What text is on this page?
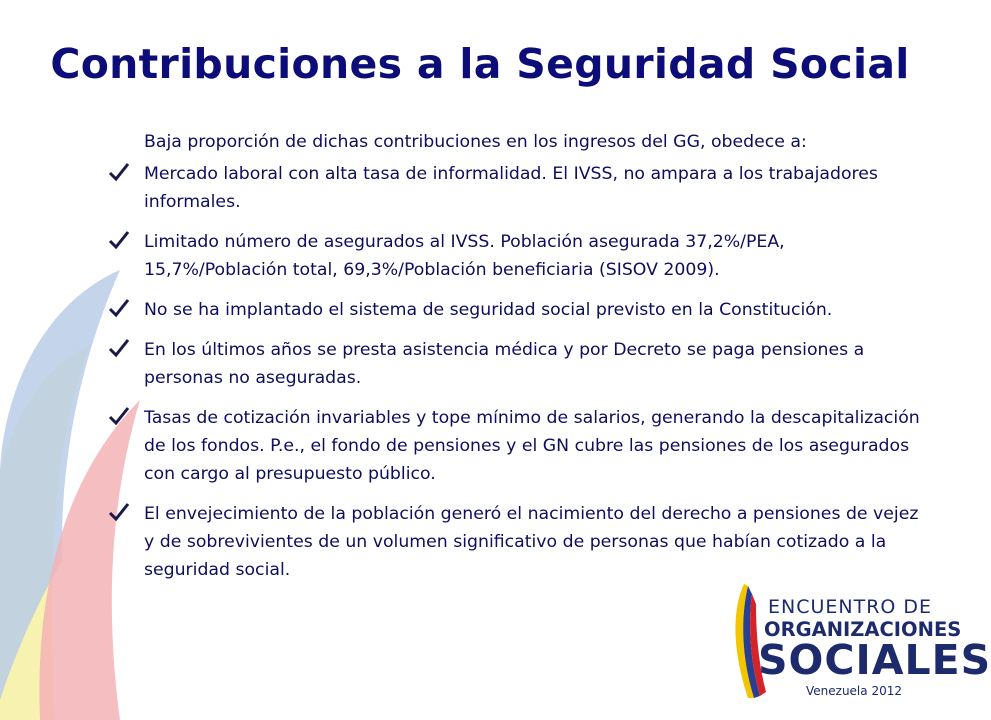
Contribuciones a la Seguridad Social

Baja proporción de dichas contribuciones en los ingresos del GG, obedece a:

Mercado laboral con alta tasa de informalidad. El IVSS, no ampara a los trabajadores informales.
Limitado número de asegurados al IVSS. Población asegurada 37,2%/PEA, 15,7%/Población total, 69,3%/Población beneficiaria (SISOV 2009).
No se ha implantado el sistema de seguridad social previsto en la Constitución.
En los últimos años se presta asistencia médica y por Decreto se paga pensiones a personas no aseguradas.
Tasas de cotización invariables y tope mínimo de salarios, generando la descapitalización de los fondos. P.e., el fondo de pensiones y el GN cubre las pensiones de los asegurados con cargo al presupuesto público.
El envejecimiento de la población generó el nacimiento del derecho a pensiones de vejez y de sobrevivientes de un volumen significativo de personas que habían cotizado a la seguridad social.
ENCUENTRO DE
ORGANIZACIONES
SOCIALES
Venezuela 2012
